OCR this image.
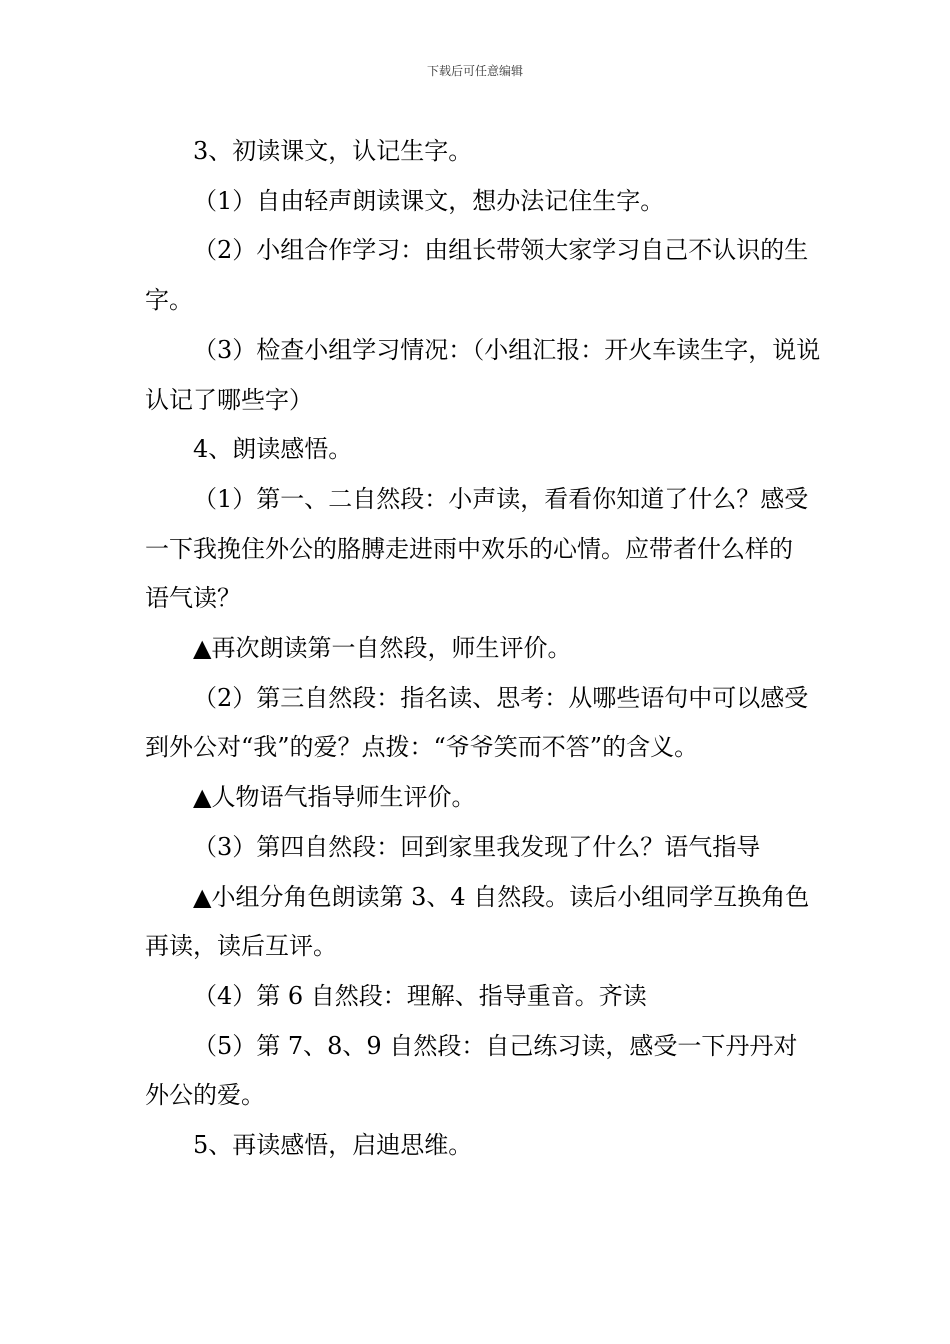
下载后可任意编辑

3、初读课文，认记生字。

（1）自由轻声朗读课文，想办法记住生字。

（2）小组合作学习：由组长带领大家学习自己不认识的生字。

（3）检查小组学习情况：（小组汇报：开火车读生字，说说认记了哪些字）

4、朗读感悟。

（1）第一、二自然段：小声读，看看你知道了什么？感受一下我挽住外公的胳膊走进雨中欢乐的心情。应带者什么样的语气读？

▲再次朗读第一自然段，师生评价。

（2）第三自然段：指名读、思考：从哪些语句中可以感受到外公对“我”的爱？点拨：“爷爷笑而不答”的含义。

▲人物语气指导师生评价。

（3）第四自然段：回到家里我发现了什么？语气指导

▲小组分角色朗读第 3、4 自然段。读后小组同学互换角色再读，读后互评。

（4）第 6 自然段：理解、指导重音。齐读

（5）第 7、8、9 自然段：自己练习读，感受一下丹丹对外公的爱。

5、再读感悟，启迪思维。
